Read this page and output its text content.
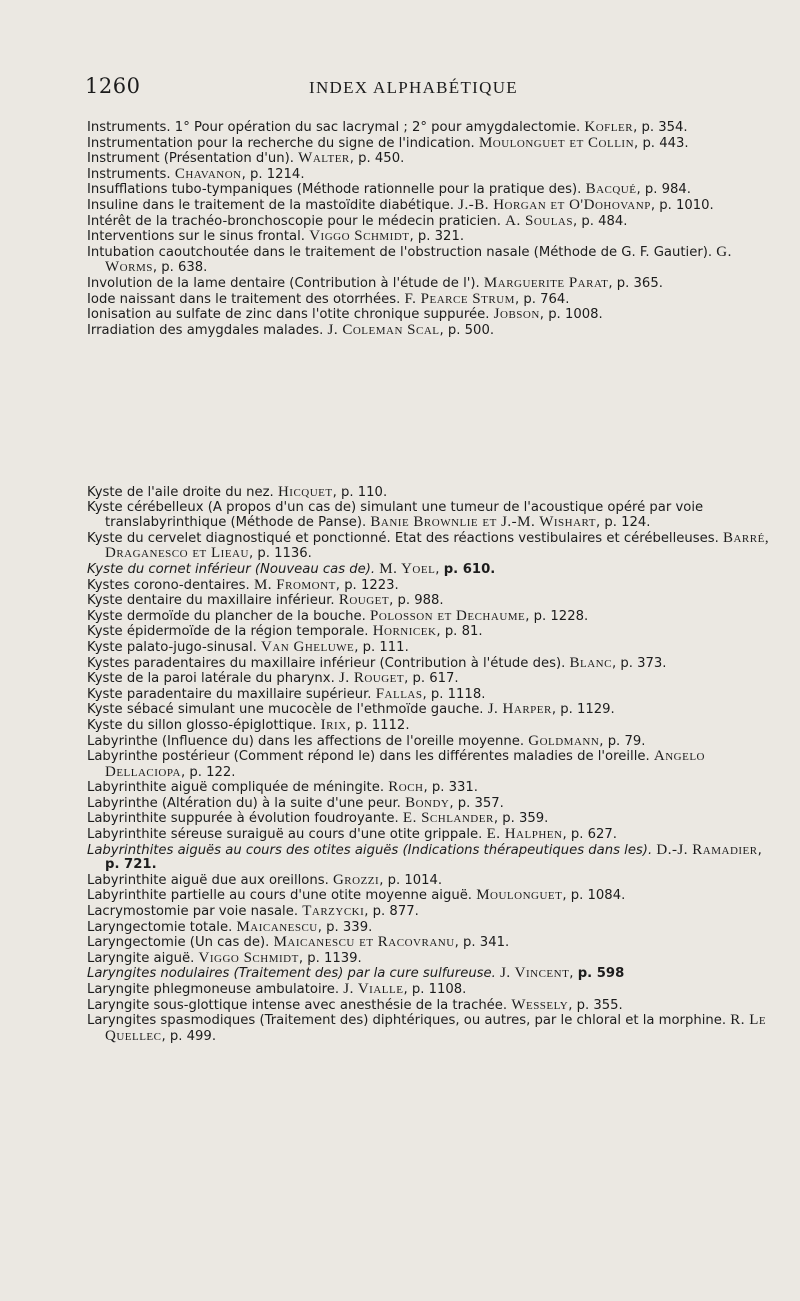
1260	INDEX ALPHABÉTIQUE

Instruments. 1° Pour opération du sac lacrymal ; 2° pour amygdalectomie. Kofler, p. 354.

Instrumentation pour la recherche du signe de l'indication. Moulonguet et Collin, p. 443.

Instrument (Présentation d'un). Walter, p. 450.

Instruments. Chavanon, p. 1214.

Insufflations tubo-tympaniques (Méthode rationnelle pour la pratique des). Bacqué, p. 984.

Insuline dans le traitement de la mastoïdite diabétique. J.-B. Horgan et O'Dohovanp, p. 1010.

Intérêt de la trachéo-bronchoscopie pour le médecin praticien. A. Soulas, p. 484.

Interventions sur le sinus frontal. Viggo Schmidt, p. 321.

Intubation caoutchoutée dans le traitement de l'obstruction nasale (Méthode de G. F. Gautier). G. Worms, p. 638.

Involution de la lame dentaire (Contribution à l'étude de l'). Marguerite Parat, p. 365.

Iode naissant dans le traitement des otorrhées. F. Pearce Strum, p. 764.

Ionisation au sulfate de zinc dans l'otite chronique suppurée. Jobson, p. 1008.

Irradiation des amygdales malades. J. Coleman Scal, p. 500.

Kyste de l'aile droite du nez. Hicquet, p. 110.

Kyste cérébelleux (A propos d'un cas de) simulant une tumeur de l'acoustique opéré par voie translabyrinthique (Méthode de Panse). Banie Brownlie et J.-M. Wishart, p. 124.

Kyste du cervelet diagnostiqué et ponctionné. Etat des réactions vestibulaires et cérébelleuses. Barré, Draganesco et Lieau, p. 1136.

Kyste du cornet inférieur (Nouveau cas de). M. Yoel, p. 610.

Kystes corono-dentaires. M. Fromont, p. 1223.

Kyste dentaire du maxillaire inférieur. Rouget, p. 988.

Kyste dermoïde du plancher de la bouche. Polosson et Dechaume, p. 1228.

Kyste épidermoïde de la région temporale. Hornicek, p. 81.

Kyste palato-jugo-sinusal. Van Gheluwe, p. 111.

Kystes paradentaires du maxillaire inférieur (Contribution à l'étude des). Blanc, p. 373.

Kyste de la paroi latérale du pharynx. J. Rouget, p. 617.

Kyste paradentaire du maxillaire supérieur. Fallas, p. 1118.

Kyste sébacé simulant une mucocèle de l'ethmoïde gauche. J. Harper, p. 1129.

Kyste du sillon glosso-épiglottique. Irix, p. 1112.

Labyrinthe (Influence du) dans les affections de l'oreille moyenne. Goldmann, p. 79.

Labyrinthe postérieur (Comment répond le) dans les différentes maladies de l'oreille. Angelo Dellaciopa, p. 122.

Labyrinthite aiguë compliquée de méningite. Roch, p. 331.

Labyrinthe (Altération du) à la suite d'une peur. Bondy, p. 357.

Labyrinthite suppurée à évolution foudroyante. E. Schlander, p. 359.

Labyrinthite séreuse suraiguë au cours d'une otite grippale. E. Halphen, p. 627.

Labyrinthites aiguës au cours des otites aiguës (Indications thérapeutiques dans les). D.-J. Ramadier, p. 721.

Labyrinthite aiguë due aux oreillons. Grozzi, p. 1014.

Labyrinthite partielle au cours d'une otite moyenne aiguë. Moulonguet, p. 1084.

Lacrymostomie par voie nasale. Tarzycki, p. 877.

Laryngectomie totale. Maicanescu, p. 339.

Laryngectomie (Un cas de). Maicanescu et Racovranu, p. 341.

Laryngite aiguë. Viggo Schmidt, p. 1139.

Laryngites nodulaires (Traitement des) par la cure sulfureuse. J. Vincent, p. 598

Laryngite phlegmoneuse ambulatoire. J. Vialle, p. 1108.

Laryngite sous-glottique intense avec anesthésie de la trachée. Wessely, p. 355.

Laryngites spasmodiques (Traitement des) diphtériques, ou autres, par le chloral et la morphine. R. Le Quellec, p. 499.
